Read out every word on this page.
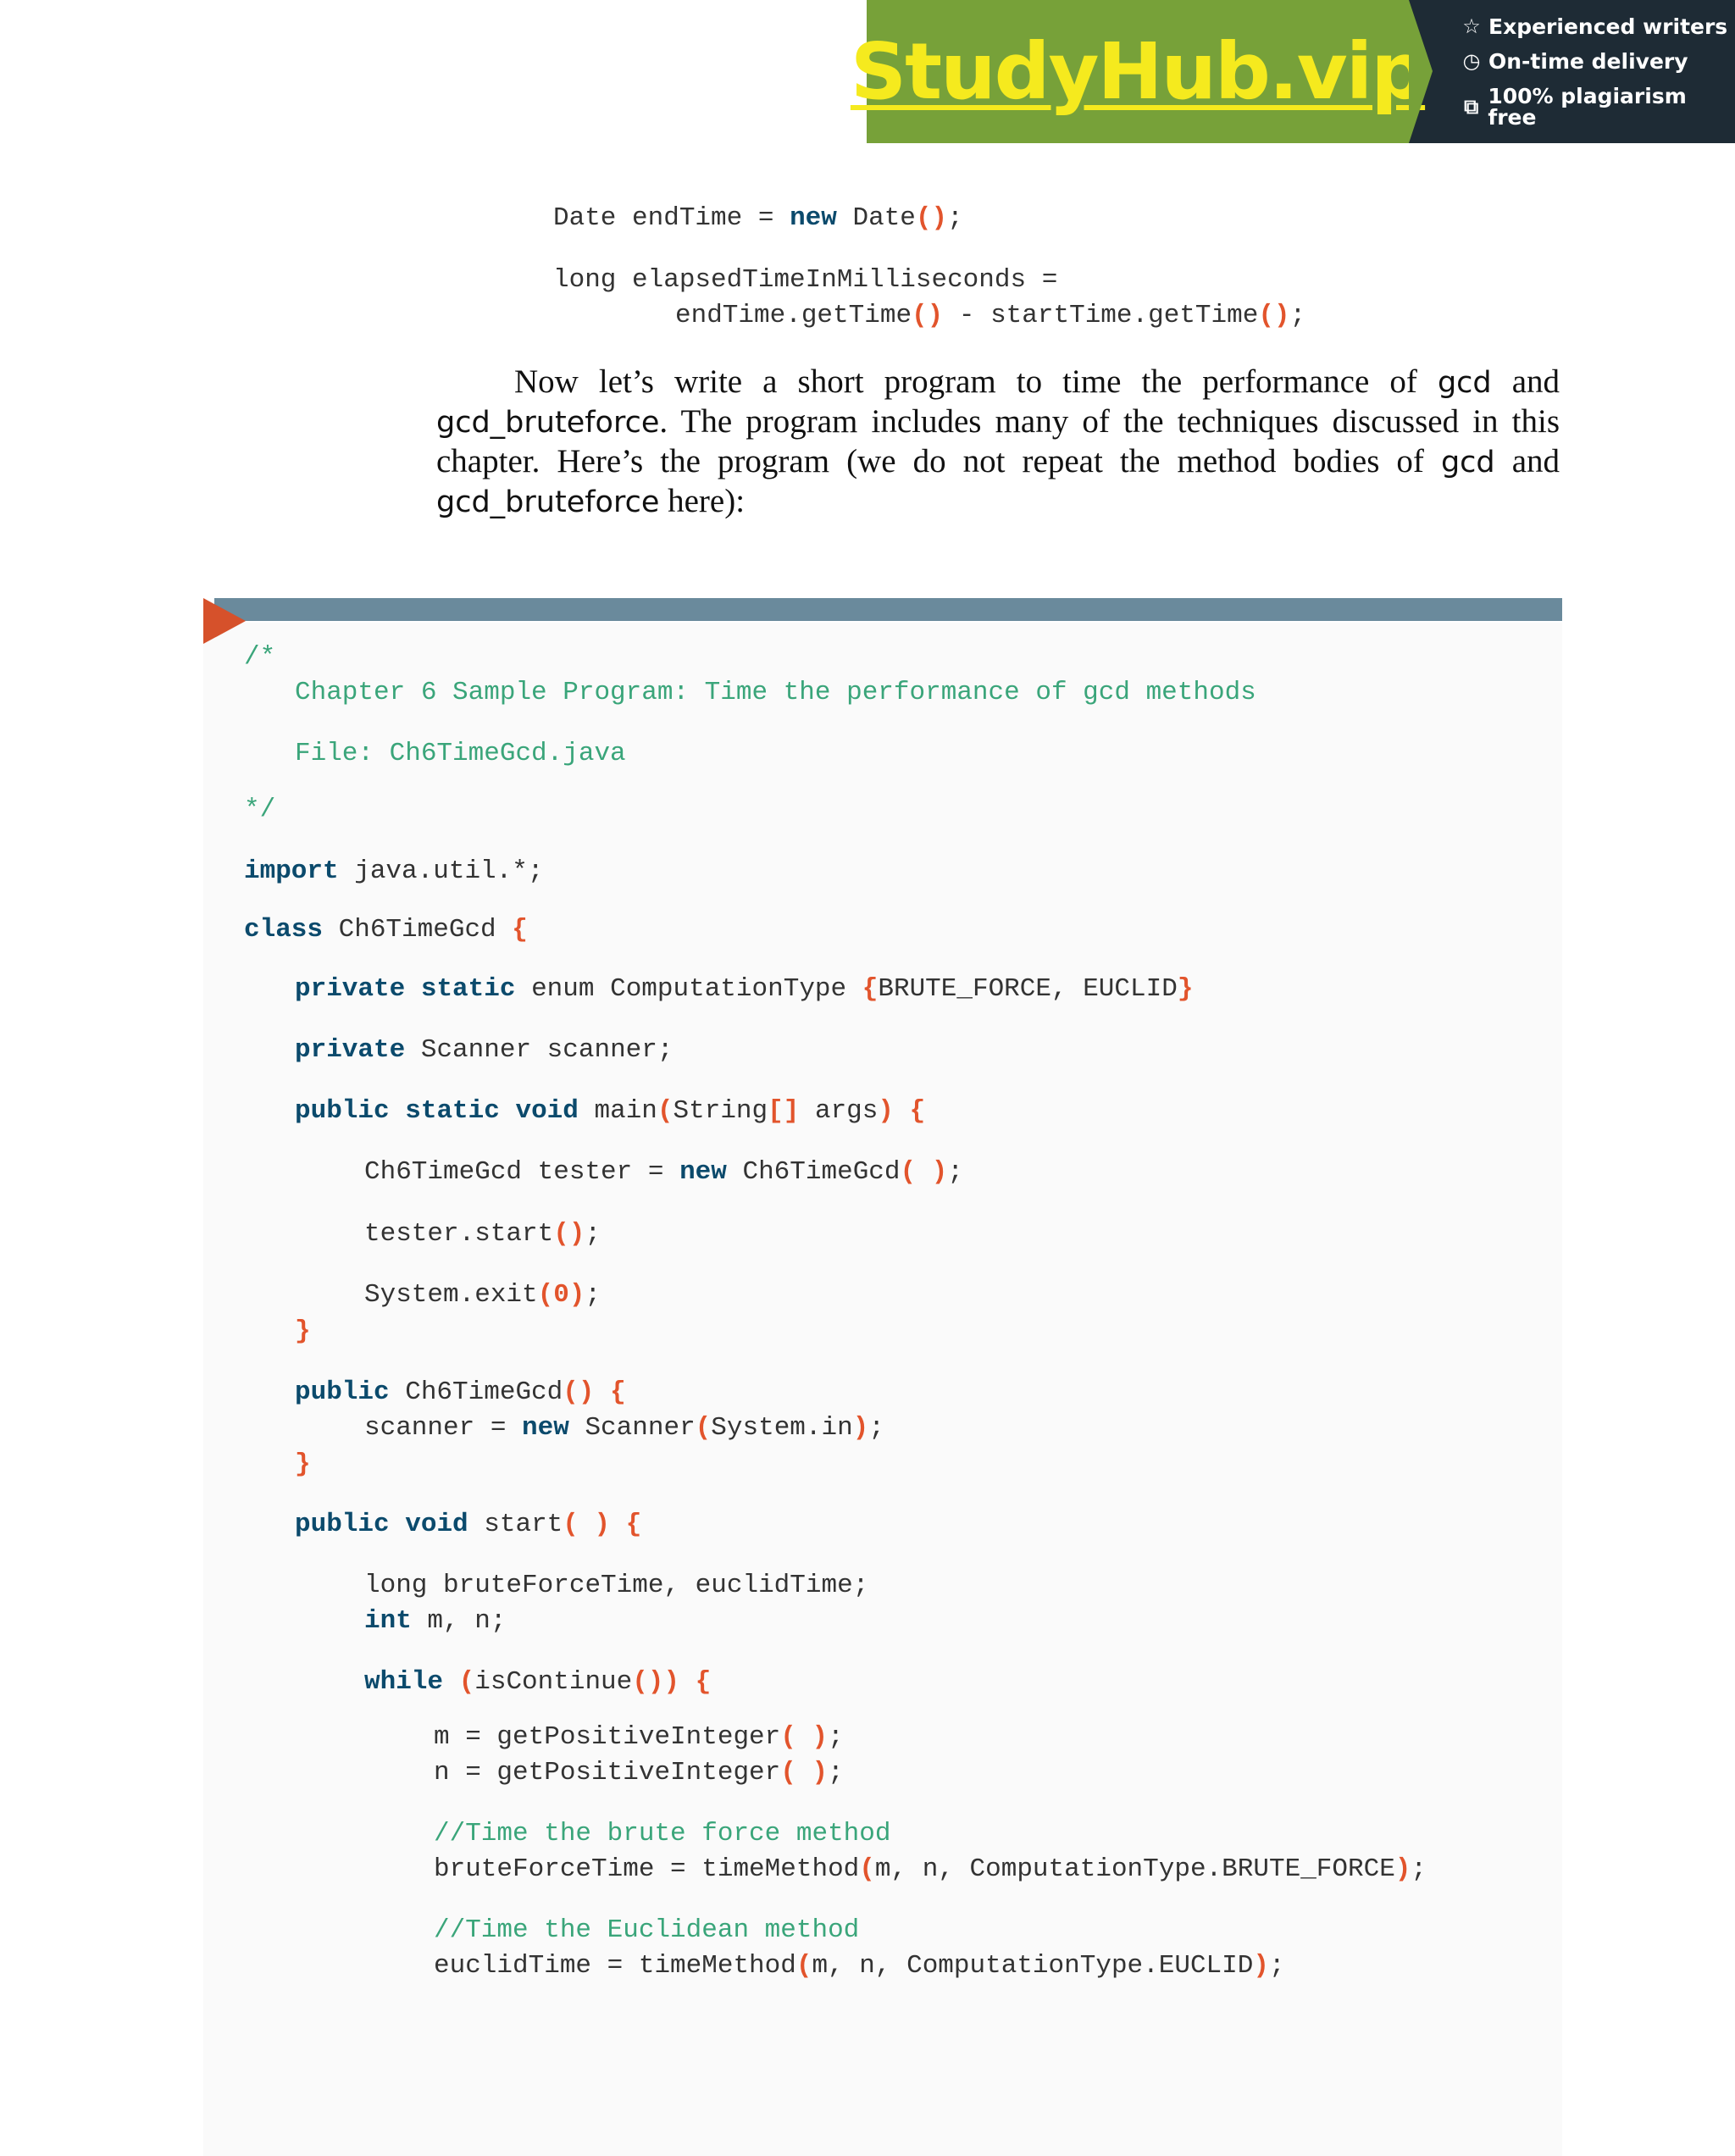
StudyHub.vip ☆ Experienced writers
◷ On-time delivery
⧉ 100% plagiarism free
Date endTime = new Date();
long elapsedTimeInMilliseconds =
endTime.getTime() - startTime.getTime();

Now let’s write a short program to time the performance of gcd and gcd_bruteforce. The program includes many of the techniques discussed in this chapter. Here’s the program (we do not repeat the method bodies of gcd and gcd_bruteforce here):

/*
Chapter 6 Sample Program: Time the performance of gcd methods
File: Ch6TimeGcd.java
*/
import java.util.*;
class Ch6TimeGcd {
private static enum ComputationType {BRUTE_FORCE, EUCLID}
private Scanner scanner;
public static void main(String[] args) {
Ch6TimeGcd tester = new Ch6TimeGcd( );
tester.start();
System.exit(0);
}
public Ch6TimeGcd() {
scanner = new Scanner(System.in);
}
public void start( ) {
long bruteForceTime, euclidTime;
int m, n;
while (isContinue()) {
m = getPositiveInteger( );
n = getPositiveInteger( );
//Time the brute force method
bruteForceTime = timeMethod(m, n, ComputationType.BRUTE_FORCE);
//Time the Euclidean method
euclidTime = timeMethod(m, n, ComputationType.EUCLID);
